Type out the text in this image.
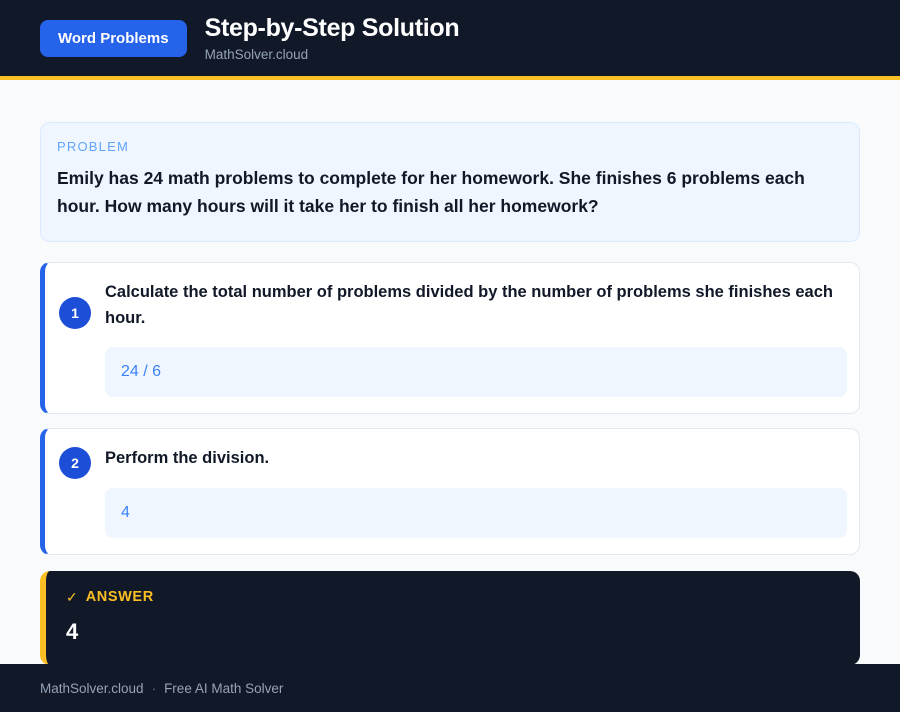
Word Problems	Step-by-Step Solution
MathSolver.cloud
PROBLEM
Emily has 24 math problems to complete for her homework. She finishes 6 problems each hour. How many hours will it take her to finish all her homework?
1
Calculate the total number of problems divided by the number of problems she finishes each hour.
24 / 6
2	Perform the division.
4
✓ ANSWER
4
MathSolver.cloud · Free AI Math Solver
